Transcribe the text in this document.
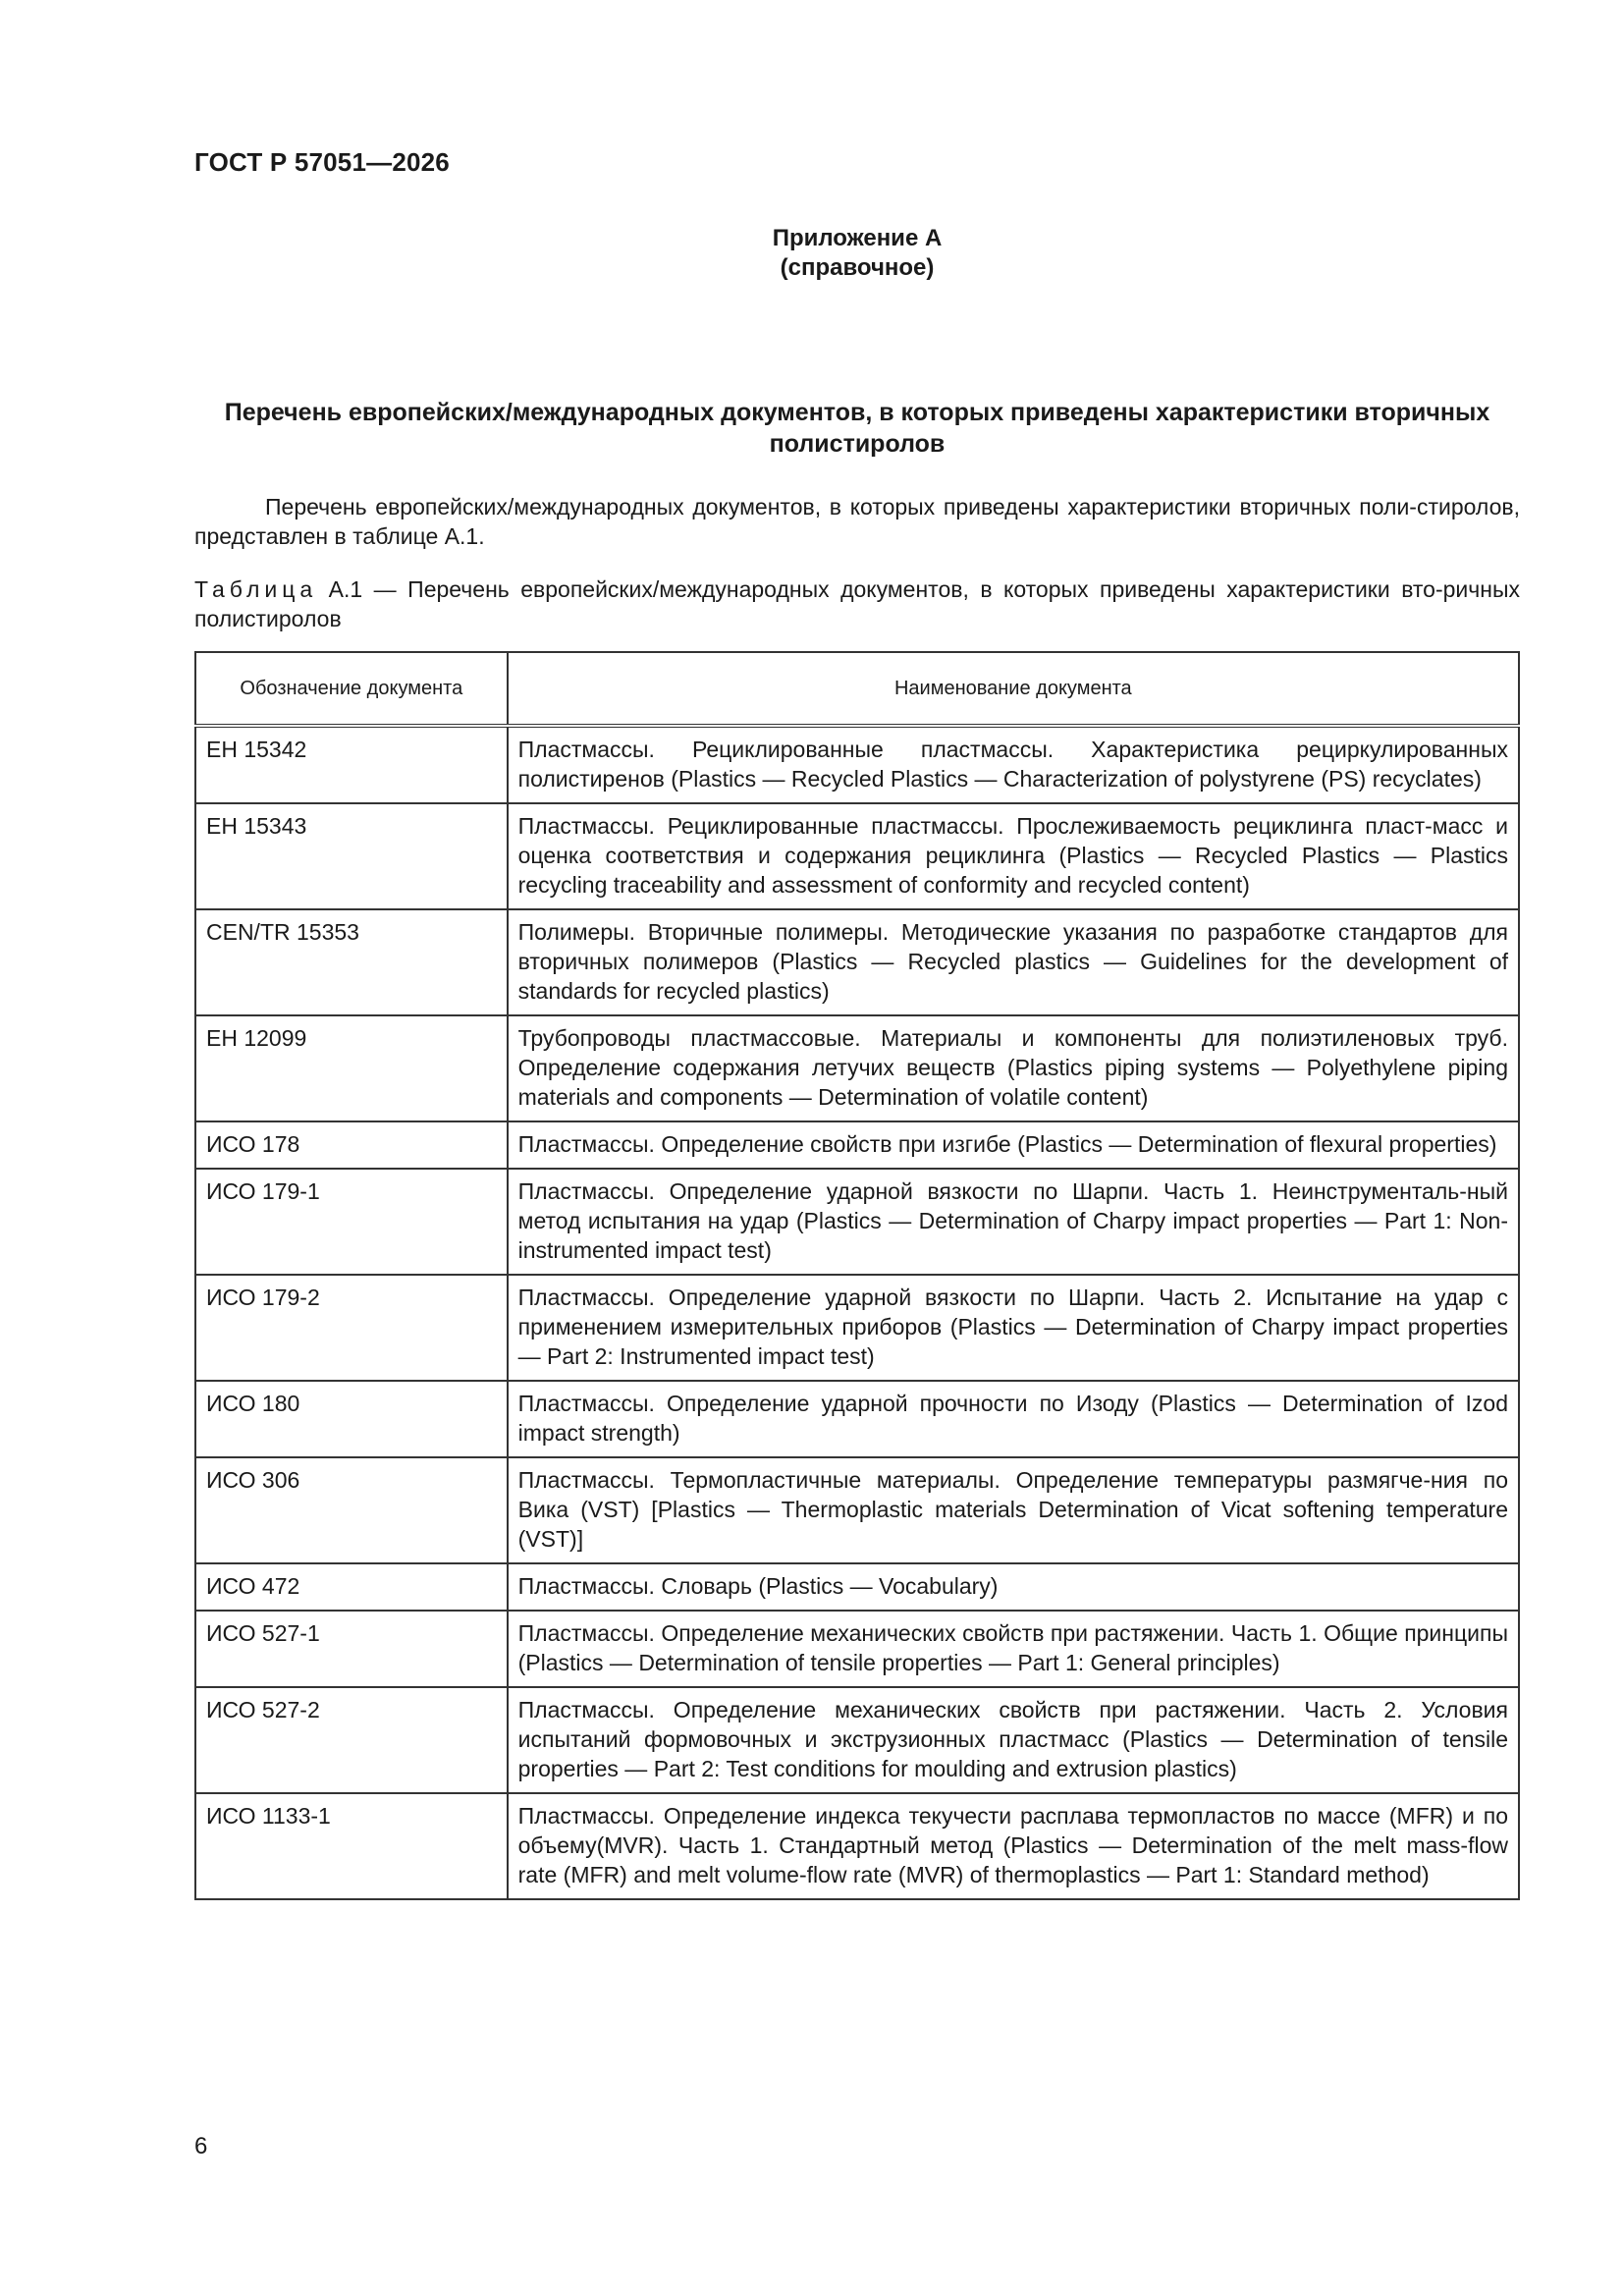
ГОСТ Р 57051—2026
Приложение А
(справочное)
Перечень европейских/международных документов, в которых приведены характеристики вторичных полистиролов
Перечень европейских/международных документов, в которых приведены характеристики вторичных поли-стиролов, представлен в таблице А.1.
Таблица А.1 — Перечень европейских/международных документов, в которых приведены характеристики вто-ричных полистиролов
Обозначение документа	Наименование документа
ЕН 15342	Пластмассы. Рециклированные пластмассы. Характеристика рециркулированных полистиренов (Plastics — Recycled Plastics — Characterization of polystyrene (PS) recyclates)
ЕН 15343	Пластмассы. Рециклированные пластмассы. Прослеживаемость рециклинга пласт-масс и оценка соответствия и содержания рециклинга (Plastics — Recycled Plastics — Plastics recycling traceability and assessment of conformity and recycled content)
CEN/TR 15353	Полимеры. Вторичные полимеры. Методические указания по разработке стандартов для вторичных полимеров (Plastics — Recycled plastics — Guidelines for the development of standards for recycled plastics)
ЕН 12099	Трубопроводы пластмассовые. Материалы и компоненты для полиэтиленовых труб. Определение содержания летучих веществ (Plastics piping systems — Polyethylene piping materials and components — Determination of volatile content)
ИСО 178	Пластмассы. Определение свойств при изгибе (Plastics — Determination of flexural properties)
ИСО 179-1	Пластмассы. Определение ударной вязкости по Шарпи. Часть 1. Неинструменталь-ный метод испытания на удар (Plastics — Determination of Charpy impact properties — Part 1: Non-instrumented impact test)
ИСО 179-2	Пластмассы. Определение ударной вязкости по Шарпи. Часть 2. Испытание на удар с применением измерительных приборов (Plastics — Determination of Charpy impact properties — Part 2: Instrumented impact test)
ИСО 180	Пластмассы. Определение ударной прочности по Изоду (Plastics — Determination of Izod impact strength)
ИСО 306	Пластмассы. Термопластичные материалы. Определение температуры размягче-ния по Вика (VST) [Plastics — Thermoplastic materials Determination of Vicat softening temperature (VST)]
ИСО 472	Пластмассы. Словарь (Plastics — Vocabulary)
ИСО 527-1	Пластмассы. Определение механических свойств при растяжении. Часть 1. Общие принципы (Plastics — Determination of tensile properties — Part 1: General principles)
ИСО 527-2	Пластмассы. Определение механических свойств при растяжении. Часть 2. Условия испытаний формовочных и экструзионных пластмасс (Plastics — Determination of tensile properties — Part 2: Test conditions for moulding and extrusion plastics)
ИСО 1133-1	Пластмассы. Определение индекса текучести расплава термопластов по массе (MFR) и по объему(MVR). Часть 1. Стандартный метод (Plastics — Determination of the melt mass-flow rate (MFR) and melt volume-flow rate (MVR) of thermoplastics — Part 1: Standard method)
6
